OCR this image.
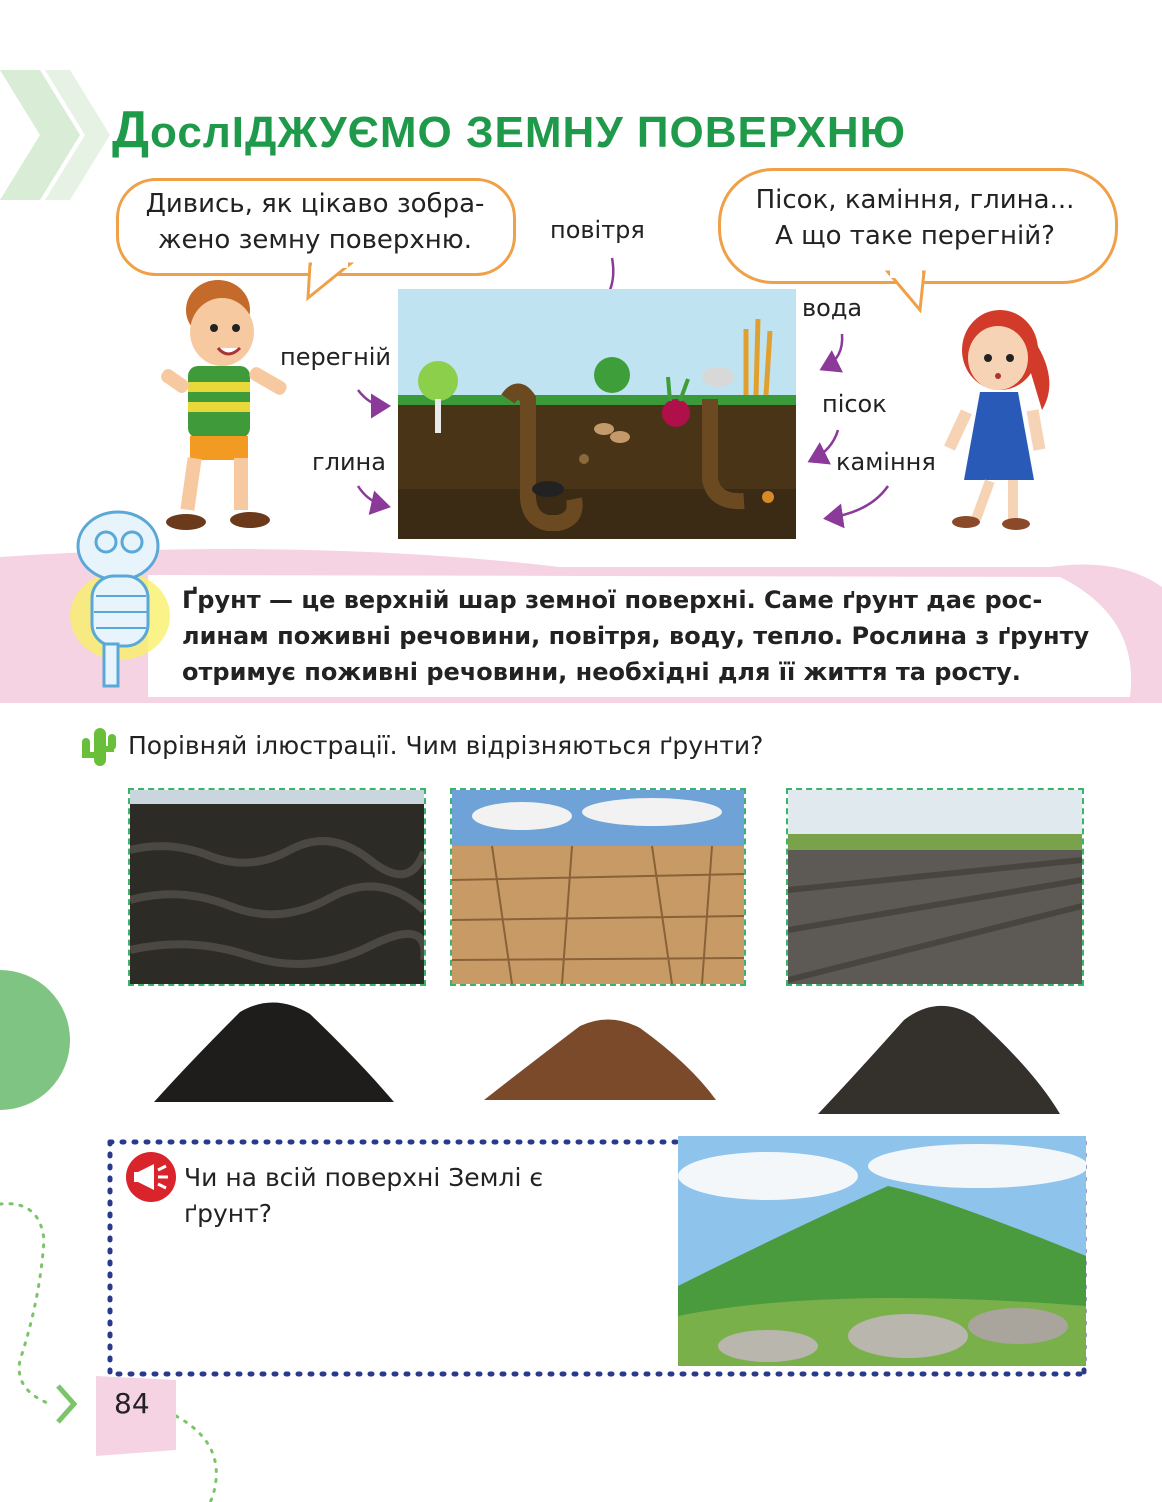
ДослІДЖУЄМО ЗЕМНУ ПОВЕРХНЮ
Дивись, як цікаво зобра-
жено земну поверхню.
Пісок, каміння, глина...
А що таке перегній?
повітря
перегній
глина
вода
пісок
каміння
Ґрунт — це верхній шар земної поверхні. Саме ґрунт дає рос-
линам поживні речовини, повітря, воду, тепло. Рослина з ґрунту
отримує поживні речовини, необхідні для її життя та росту.
Порівняй ілюстрації. Чим відрізняються ґрунти?
Чи на всій поверхні Землі є
ґрунт?
84
